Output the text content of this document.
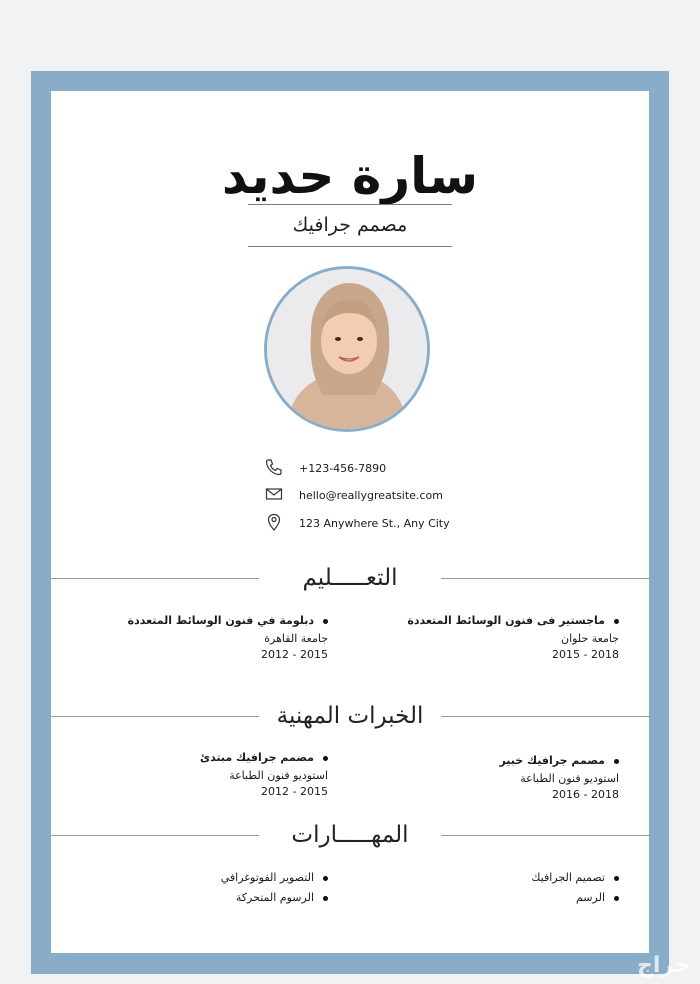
سارة حديد
مصمم جرافيك
+123-456-7890
hello@reallygreatsite.com
123 Anywhere St., Any City
التعـــــليم
ماجستير فى فنون الوسائط المتعددة
جامعة حلوان
2015 - 2018
دبلومة في فنون الوسائط المتعددة
جامعة القاهرة
2012 - 2015
الخبرات المهنية
مصمم جرافيك خبير
استوديو فنون الطباعة
2016 - 2018
مصمم جرافيك مبتدئ
استوديو فنون الطباعة
2012 - 2015
المهـــــارات
تصميم الجرافيك
الرسم
التصوير الفوتوغرافي
الرسوم المتحركة
حراج
